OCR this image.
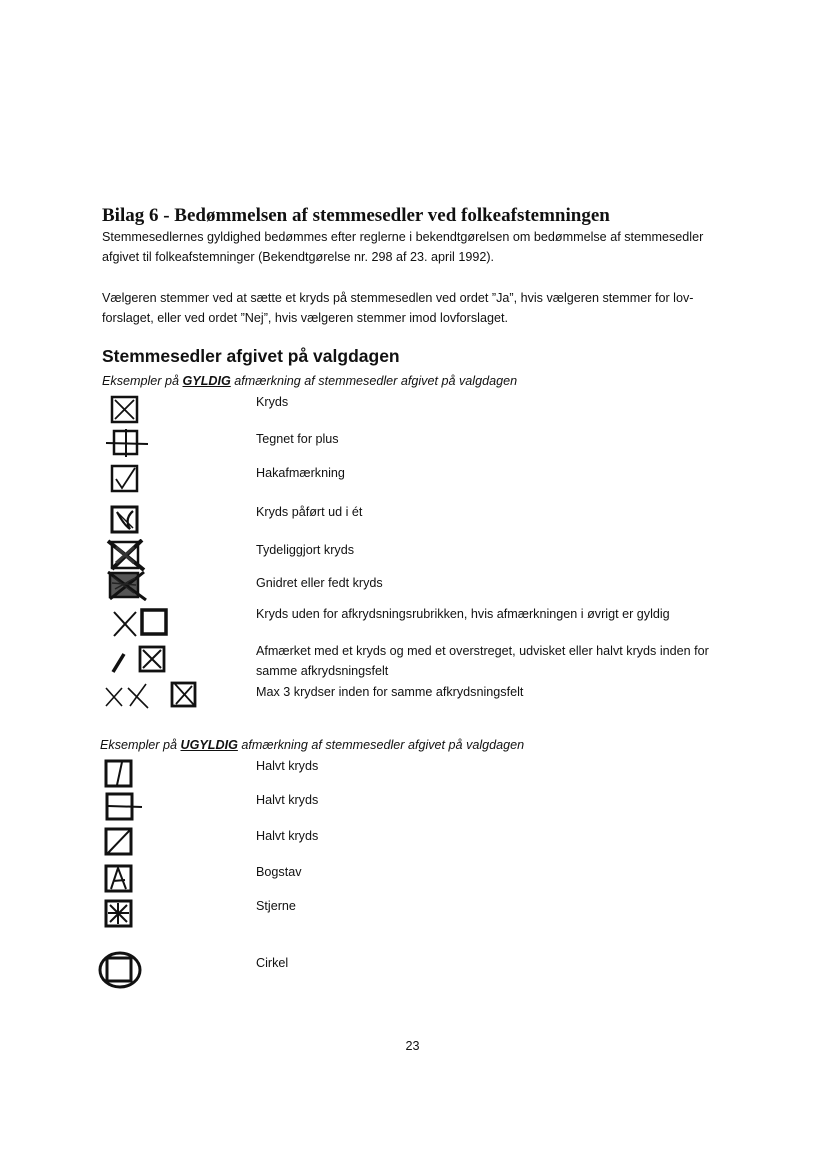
Bilag 6 - Bedømmelsen af stemmesedler ved folkeafstemningen
Stemmesedlernes gyldighed bedømmes efter reglerne i bekendtgørelsen om bedømmelse af stemmesedler afgivet til folkeafstemninger (Bekendtgørelse nr. 298 af 23. april 1992).
Vælgeren stemmer ved at sætte et kryds på stemmesedlen ved ordet ”Ja”, hvis vælgeren stemmer for lov-forslaget, eller ved ordet ”Nej”, hvis vælgeren stemmer imod lovforslaget.
Stemmesedler afgivet på valgdagen
Eksempler på GYLDIG afmærkning af stemmesedler afgivet på valgdagen
Kryds
Tegnet for plus
Hakafmærkning
Kryds påført ud i ét
Tydeliggjort kryds
Gnidret eller fedt kryds
Kryds uden for afkrydsningsrubrikken, hvis afmærkningen i øvrigt er gyldig
Afmærket med et kryds og med et overstreget, udvisket eller halvt kryds inden for samme afkrydsningsfelt
Max 3 krydser inden for samme afkrydsningsfelt
Eksempler på UGYLDIG afmærkning af stemmesedler afgivet på valgdagen
Halvt kryds
Halvt kryds
Halvt kryds
Bogstav
Stjerne
Cirkel
23
